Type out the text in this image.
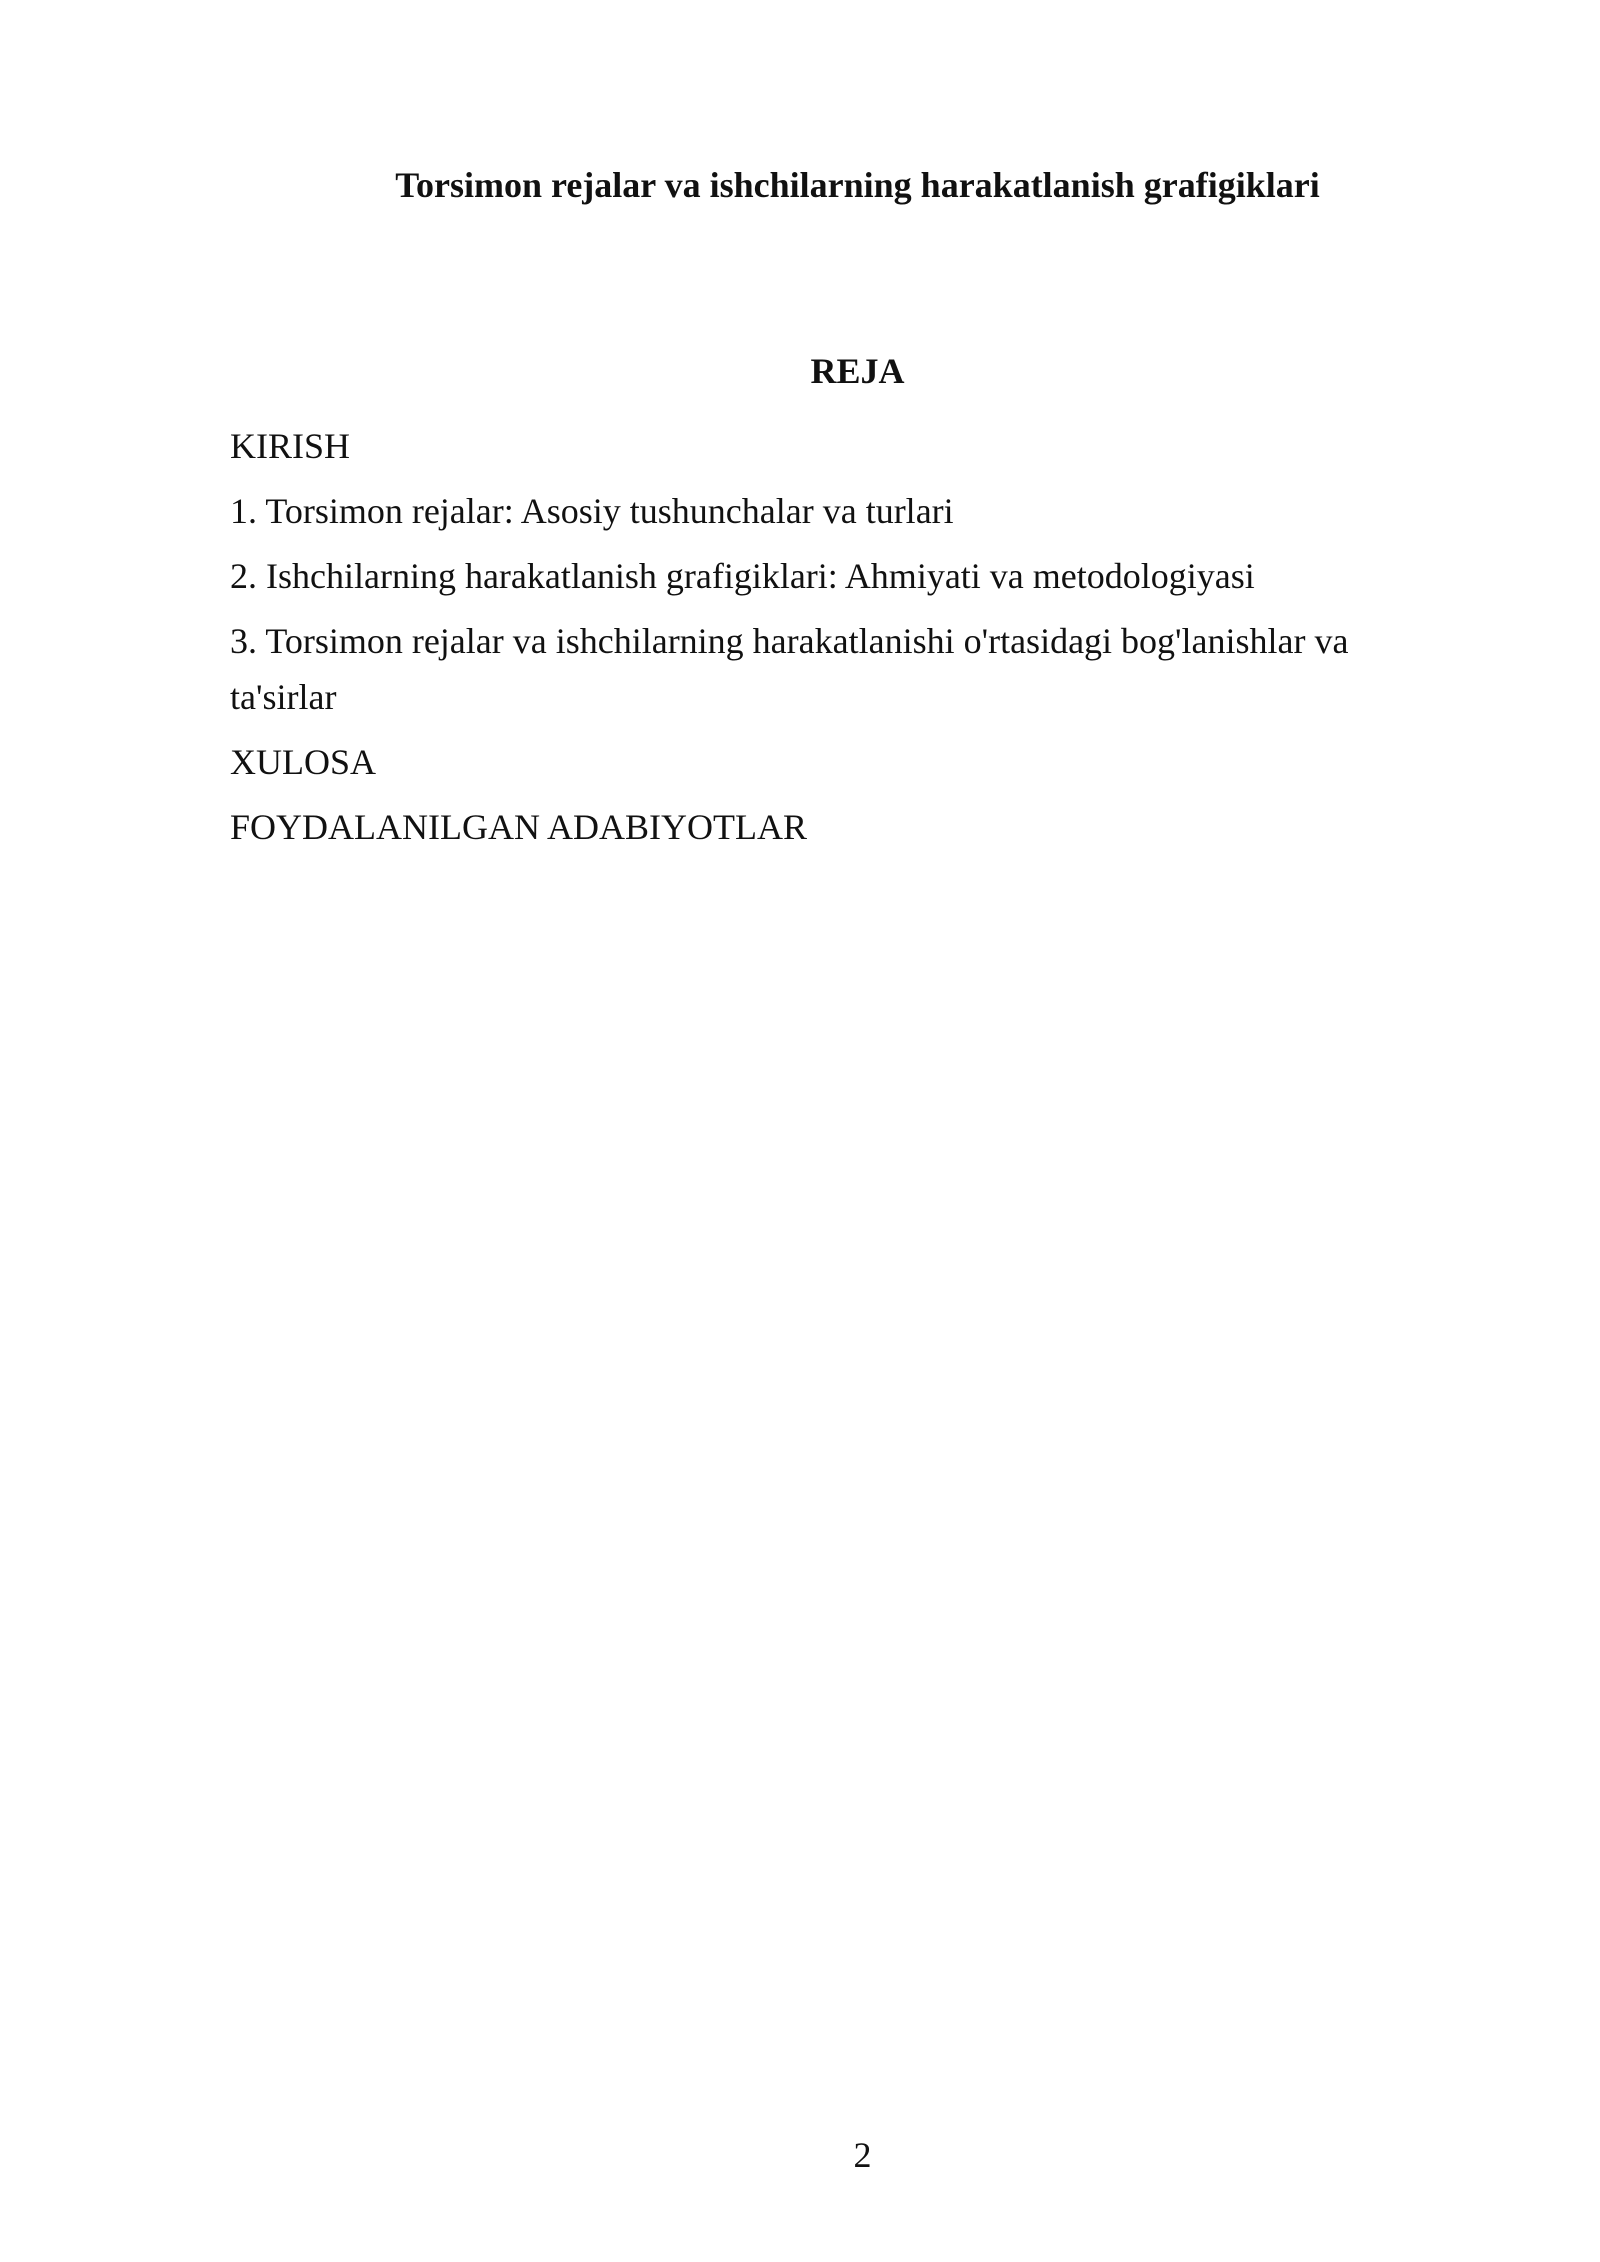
Torsimon rejalar va ishchilarning harakatlanish grafigiklari
REJA
KIRISH
1. Torsimon rejalar: Asosiy tushunchalar va turlari
2. Ishchilarning harakatlanish grafigiklari: Ahmiyati va metodologiyasi
3. Torsimon rejalar va ishchilarning harakatlanishi o'rtasidagi bog'lanishlar va ta'sirlar
XULOSA
FOYDALANILGAN ADABIYOTLAR
2
